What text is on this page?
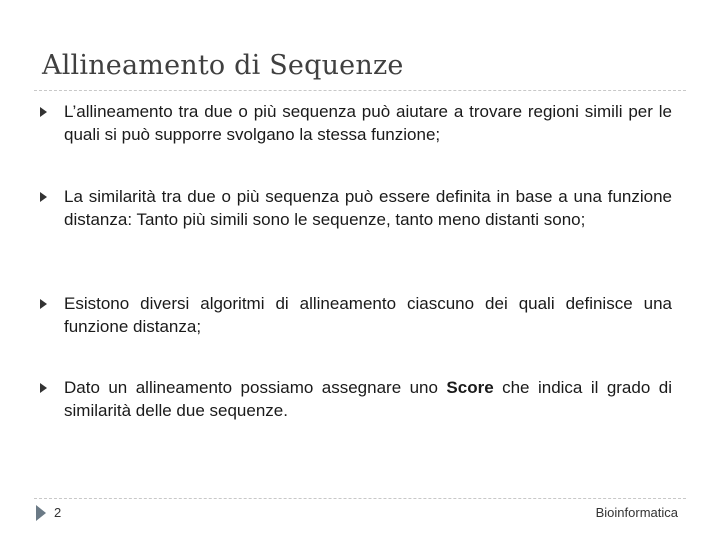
Allineamento di Sequenze
L’allineamento tra due o più sequenza può aiutare a trovare regioni simili per le quali si può supporre svolgano la stessa funzione;
La similarità tra due o più sequenza può essere definita in base a una funzione distanza: Tanto più simili sono le sequenze, tanto meno distanti sono;
Esistono diversi algoritmi di allineamento ciascuno dei quali definisce una funzione distanza;
Dato un allineamento possiamo assegnare uno Score che indica il grado di similarità delle due sequenze.
2	Bioinformatica
